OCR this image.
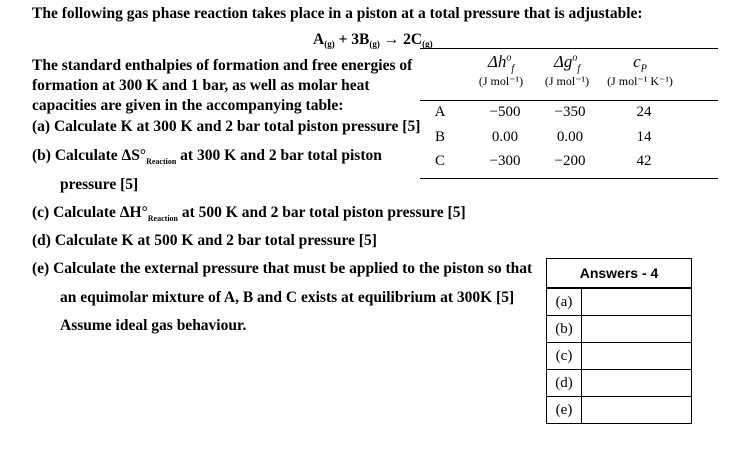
The following gas phase reaction takes place in a piston at a total pressure that is adjustable:
$A_{(g)} + 3B_{(g)} \to 2C_{(g)}$
The standard enthalpies of formation and free energies of
formation at 300 K and 1 bar, as well as molar heat
capacities are given in the accompanying table:
(a) Calculate K at 300 K and 2 bar total piston pressure [5]
(b) Calculate $\Delta S^\circ_{Reaction}$ at 300 K and 2 bar total piston
pressure [5]
(c) Calculate $\Delta H^\circ_{Reaction}$ at 500 K and 2 bar total piston pressure [5]
(d) Calculate K at 500 K and 2 bar total pressure [5]
(e) Calculate the external pressure that must be applied to the piston so that
an equimolar mixture of A, B and C exists at equilibrium at 300K [5]
Assume ideal gas behaviour.
$\Delta h^o_f$
(J mol⁻¹)
$\Delta g^o_f$
(J mol⁻¹)
$c_P$
(J mol⁻¹ K⁻¹)
A	−500	−350	24
B	0.00	0.00	14
C	−300	−200	42
Answers - 4
(a)
(b)
(c)
(d)
(e)
